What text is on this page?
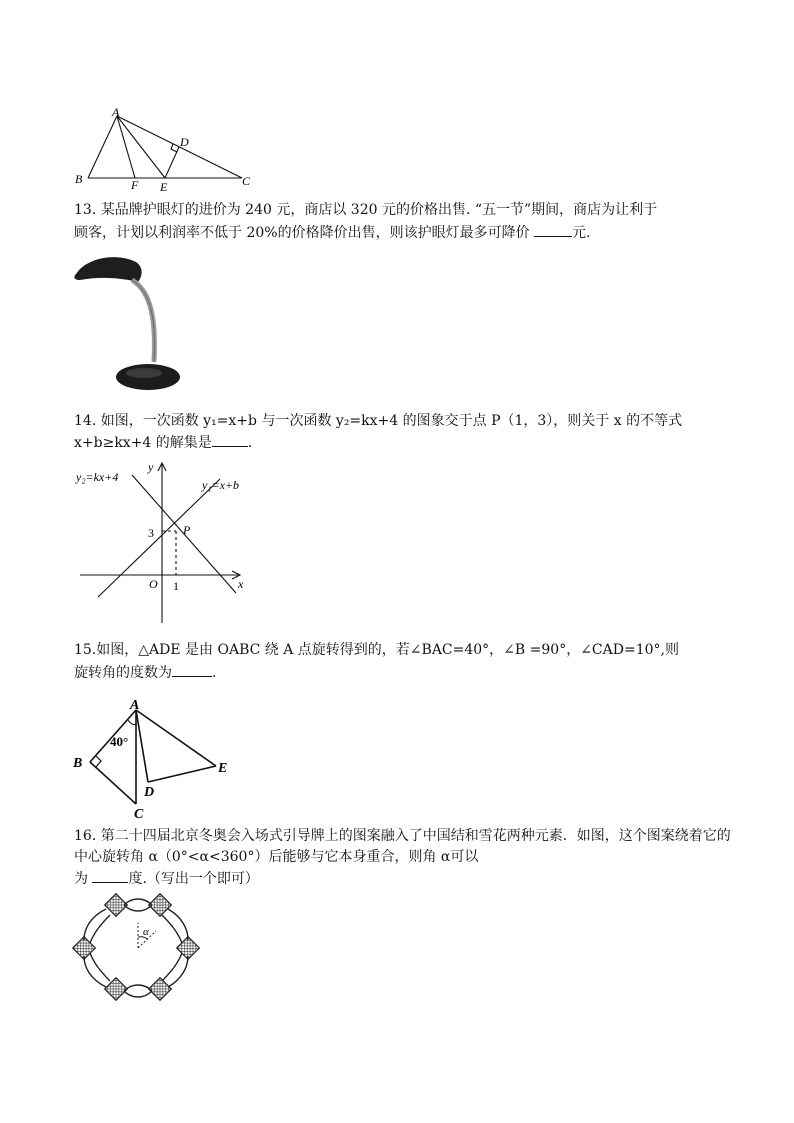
A
B	C
D
E
F
13. 某品牌护眼灯的进价为 240 元，商店以 320 元的价格出售. “五一节”期间，商店为让利于
顾客，计划以利润率不低于 20%的价格降价出售，则该护眼灯最多可降价	元.
14. 如图，一次函数 y₁=x+b 与一次函数 y₂=kx+4 的图象交于点 P（1，3），则关于 x 的不等式
x+b≥kx+4 的解集是	.
y₂=kx+4
y₁=x+b
P
3
1
O	x
y
15.如图，△ADE 是由 OABC 绕 A 点旋转得到的，若∠BAC=40°，∠B =90°，∠CAD=10°,则
旋转角的度数为	.
A
B
C
D
E
40°
16. 第二十四届北京冬奥会入场式引导牌上的图案融入了中国结和雪花两种元素．如图，这个图案绕着它的
中心旋转角 α（0°<α<360°）后能够与它本身重合，则角 α可以
为	度.（写出一个即可）
α
